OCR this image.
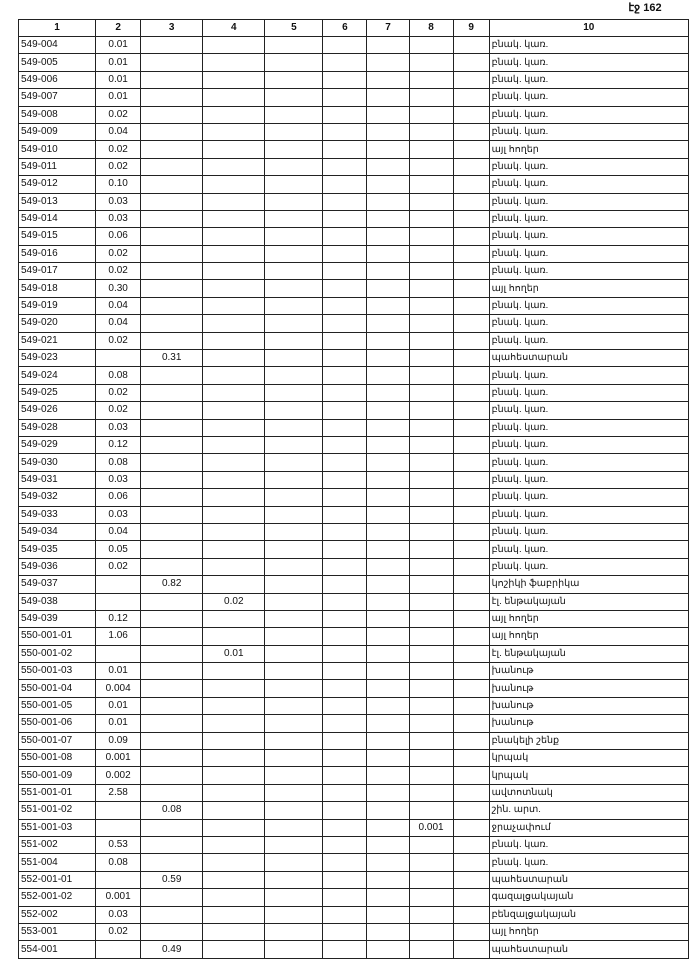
էջ 162
1	2	3	4	5	6	7	8	9	10
549-004	0.01								բնակ. կառ.
549-005	0.01								բնակ. կառ.
549-006	0.01								բնակ. կառ.
549-007	0.01								բնակ. կառ.
549-008	0.02								բնակ. կառ.
549-009	0.04								բնակ. կառ.
549-010	0.02								այլ հողեր
549-011	0.02								բնակ. կառ.
549-012	0.10								բնակ. կառ.
549-013	0.03								բնակ. կառ.
549-014	0.03								բնակ. կառ.
549-015	0.06								բնակ. կառ.
549-016	0.02								բնակ. կառ.
549-017	0.02								բնակ. կառ.
549-018	0.30								այլ հողեր
549-019	0.04								բնակ. կառ.
549-020	0.04								բնակ. կառ.
549-021	0.02								բնակ. կառ.
549-023		0.31							պահեստարան
549-024	0.08								բնակ. կառ.
549-025	0.02								բնակ. կառ.
549-026	0.02								բնակ. կառ.
549-028	0.03								բնակ. կառ.
549-029	0.12								բնակ. կառ.
549-030	0.08								բնակ. կառ.
549-031	0.03								բնակ. կառ.
549-032	0.06								բնակ. կառ.
549-033	0.03								բնակ. կառ.
549-034	0.04								բնակ. կառ.
549-035	0.05								բնակ. կառ.
549-036	0.02								բնակ. կառ.
549-037		0.82							կոշիկի ֆաբրիկա
549-038			0.02						էլ. ենթակայան
549-039	0.12								այլ հողեր
550-001-01	1.06								այլ հողեր
550-001-02			0.01						էլ. ենթակայան
550-001-03	0.01								խանութ
550-001-04	0.004								խանութ
550-001-05	0.01								խանութ
550-001-06	0.01								խանութ
550-001-07	0.09								բնակելի շենք
550-001-08	0.001								կրպակ
550-001-09	0.002								կրպակ
551-001-01	2.58								ավտոտնակ
551-001-02		0.08							շին. արտ.
551-001-03							0.001		ջրաչափում
551-002	0.53								բնակ. կառ.
551-004	0.08								բնակ. կառ.
552-001-01		0.59							պահեստարան
552-001-02	0.001								գազալցակայան
552-002	0.03								բենզալցակայան
553-001	0.02								այլ հողեր
554-001		0.49							պահեստարան
